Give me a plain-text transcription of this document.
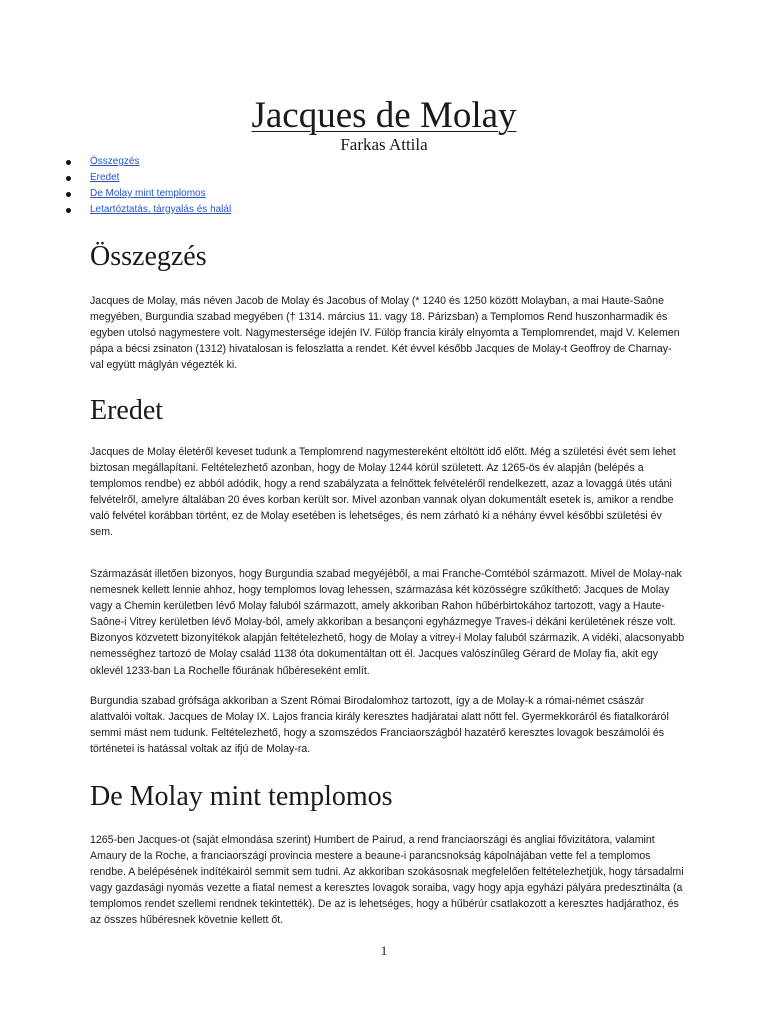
Jacques de Molay
Farkas Attila
Összegzés
Eredet
De Molay mint templomos
Letartóztatás, tárgyalás és halál
Összegzés

Jacques de Molay, más néven Jacob de Molay és Jacobus of Molay (* 1240 és 1250 között Molayban, a mai Haute-Saône megyében, Burgundia szabad megyében († 1314. március 11. vagy 18. Párizsban) a Templomos Rend huszonharmadik és egyben utolsó nagymestere volt. Nagymestersége idején IV. Fülöp francia király elnyomta a Templomrendet, majd V. Kelemen pápa a bécsi zsinaton (1312) hivatalosan is feloszlatta a rendet. Két évvel később Jacques de Molay-t Geoffroy de Charnay-val együtt máglyán végezték ki.

Eredet

Jacques de Molay életéről keveset tudunk a Templomrend nagymestereként eltöltött idő előtt. Még a születési évét sem lehet biztosan megállapítani. Feltételezhető azonban, hogy de Molay 1244 körül született. Az 1265-ös év alapján (belépés a templomos rendbe) ez abból adódik, hogy a rend szabályzata a felnőttek felvételéről rendelkezett, azaz a lovaggá ütés utáni felvételről, amelyre általában 20 éves korban került sor. Mivel azonban vannak olyan dokumentált esetek is, amikor a rendbe való felvétel korábban történt, ez de Molay esetében is lehetséges, és nem zárható ki a néhány évvel későbbi születési év sem.

Származását illetően bizonyos, hogy Burgundia szabad megyéjéből, a mai Franche-Comtéból származott. Mivel de Molay-nak nemesnek kellett lennie ahhoz, hogy templomos lovag lehessen, származása két közösségre szűkíthető: Jacques de Molay vagy a Chemin kerületben lévő Molay faluból származott, amely akkoriban Rahon hűbérbirtokához tartozott, vagy a Haute-Saône-i Vitrey kerületben lévő Molay-ból, amely akkoriban a besançoni egyházmegye Traves-i dékáni kerületének része volt. Bizonyos közvetett bizonyítékok alapján feltételezhető, hogy de Molay a vitrey-i Molay faluból származik. A vidéki, alacsonyabb nemességhez tartozó de Molay család 1138 óta dokumentáltan ott él. Jacques valószínűleg Gérard de Molay fia, akit egy oklevél 1233-ban La Rochelle főurának hűbéreseként említ.

Burgundia szabad grófsága akkoriban a Szent Római Birodalomhoz tartozott, így a de Molay-k a római-német császár alattvalói voltak. Jacques de Molay IX. Lajos francia király keresztes hadjáratai alatt nőtt fel. Gyermekkoráról és fiatalkoráról semmi mást nem tudunk. Feltételezhető, hogy a szomszédos Franciaországból hazatérő keresztes lovagok beszámolói és történetei is hatással voltak az ifjú de Molay-ra.

De Molay mint templomos

1265-ben Jacques-ot (saját elmondása szerint) Humbert de Pairud, a rend franciaországi és angliai fővizitátora, valamint Amaury de la Roche, a franciaországi provincia mestere a beaune-i parancsnokság kápolnájában vette fel a templomos rendbe. A belépésének indítékairól semmit sem tudni. Az akkoriban szokásosnak megfelelően feltételezhetjük, hogy társadalmi vagy gazdasági nyomás vezette a fiatal nemest a keresztes lovagok soraiba, vagy hogy apja egyházi pályára predesztinálta (a templomos rendet szellemi rendnek tekintették). De az is lehetséges, hogy a hűbérúr csatlakozott a keresztes hadjárathoz, és az összes hűbéresnek követnie kellett őt.

1
